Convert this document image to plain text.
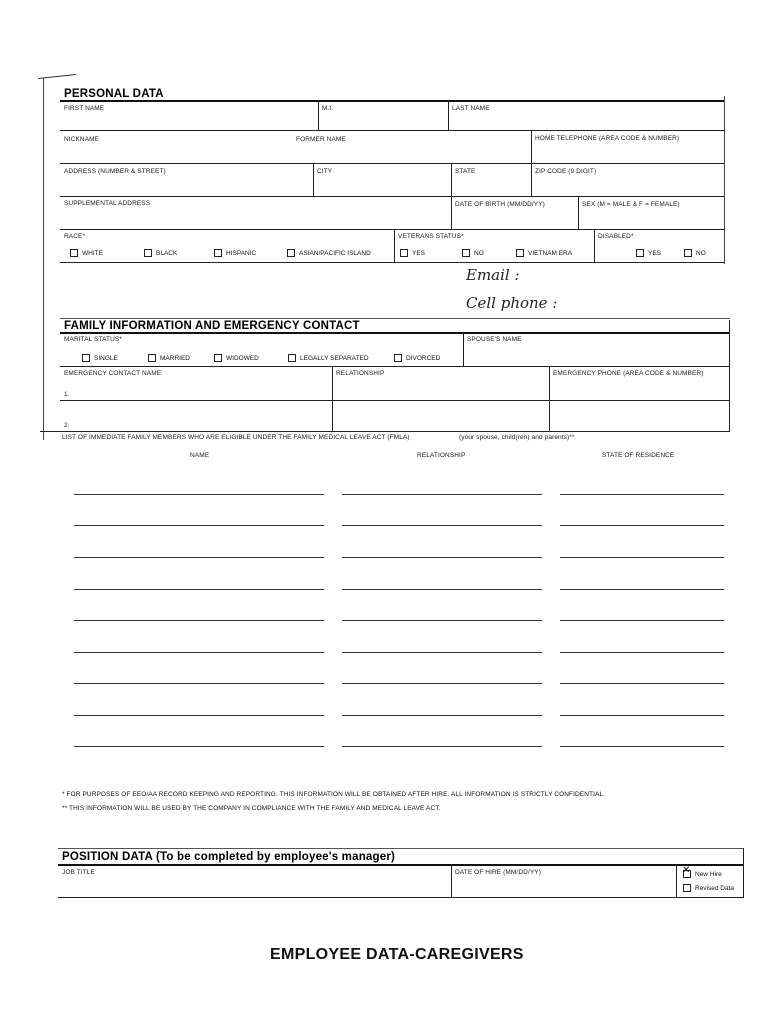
PERSONAL DATA
FIRST NAME	M.I.	LAST NAME
NICKNAME	FORMER NAME	HOME TELEPHONE (AREA CODE & NUMBER)
ADDRESS (NUMBER & STREET)	CITY	STATE	ZIP CODE (9 DIGIT)
SUPPLEMENTAL ADDRESS	DATE OF BIRTH (MM/DD/YY)	SEX (M = MALE & F = FEMALE)
RACE*
WHITE	BLACK	HISPANIC	ASIAN/PACIFIC ISLAND
VETERANS STATUS*
YES	NO	VIETNAM ERA
DISABLED*
YES	NO
Email :
Cell phone :
FAMILY INFORMATION AND EMERGENCY CONTACT
MARITAL STATUS*
SINGLE	MARRIED	WIDOWED	LEGALLY SEPARATED	DIVORCED
SPOUSE'S NAME
EMERGENCY CONTACT NAME	RELATIONSHIP	EMERGENCY PHONE (AREA CODE & NUMBER)
1.
2.
LIST OF IMMEDIATE FAMILY MEMBERS WHO ARE ELIGIBLE UNDER THE FAMILY MEDICAL LEAVE ACT (FMLA)	(your spouse, child(ren) and parents)**
NAME	RELATIONSHIP	STATE OF RESIDENCE
* FOR PURPOSES OF EEO/AA RECORD KEEPING AND REPORTING. THIS INFORMATION WILL BE OBTAINED AFTER HIRE. ALL INFORMATION IS STRICTLY CONFIDENTIAL.
** THIS INFORMATION WILL BE USED BY THE COMPANY IN COMPLIANCE WITH THE FAMILY AND MEDICAL LEAVE ACT.
POSITION DATA (To be completed by employee's manager)
JOB TITLE	DATE OF HIRE (MM/DD/YY)
✕	New Hire
Revised Data
EMPLOYEE DATA-CAREGIVERS
